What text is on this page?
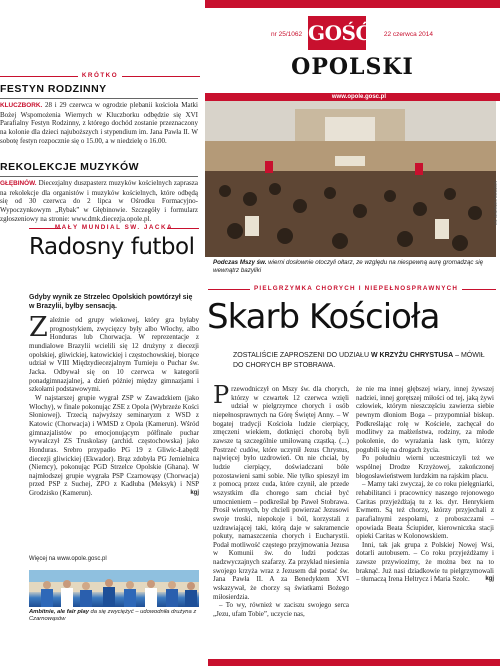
nr 25/1062 GOŚĆ 22 czerwca 2014
OPOLSKI
www.opole.gosc.pl
KRÓTKO
FESTYN RODZINNY
KLUCZBORK. 28 i 29 czerwca w ogrodzie plebanii kościoła Matki Bożej Wspomożenia Wiernych w Kluczborku odbędzie się XVI Parafialny Festyn Rodzinny, z którego dochód zostanie przeznaczony na kolonie dla dzieci najuboższych i stypendium im. Jana Pawła II. W sobotę festyn rozpocznie się o 15.00, a w niedzielę o 16.00.
REKOLEKCJE MUZYKÓW
GŁĘBINÓW. Diecezjalny duszpasterz muzyków kościelnych zaprasza na rekolekcje dla organistów i muzyków kościelnych, które odbędą się od 30 czerwca do 2 lipca w Ośrodku Formacyjno-Wypoczynkowym „Rybak” w Głębinowie. Szczegóły i formularz zgłoszeniowy na stronie: www.dmk.diecezja.opole.pl.
MAŁY MUNDIAL SW. JACKA
Radosny futbol
Gdyby wynik ze Strzelec Opolskich powtórzył się w Brazylii, byłby sensacją.
Zależnie od grupy wiekowej, który gra byłaby prognostykiem, zwycięzcy były albo Włochy, albo Honduras lub Chorwacja. W reprezentacje z mundialowe Brazylii wcielili się 12 drużyny z diecezji opolskiej, gliwickiej, katowickiej i częstochowskiej, biorące udział w VIII Międzydiecezjalnym Turnieju o Puchar św. Jacka. Odbywał się on 10 czerwca w kategorii ponadgimnazjalnej, a dzień później między gimnazjami i szkołami podstawowymi.
W najstarszej grupie wygrał ZSP w Zawadzkiem (jako Włochy), w finale pokonując ZSE z Opola (Wybrzeże Kości Słoniowej). Trzecią najwyższy seminaryzm z WSD z Katowic (Chorwacja) i WMSD z Opola (Kamerun). Wśród gimnazjalistów po emocjonującym półfinale puchar wywalczył ZS Truskolasy (archid. częstochowska) jako Honduras. Srebro przypadło PG 19 z Gliwic-Łabędź diecezji gliwickiej (Ekwador). Brąz zdobyła PG Jemielnica (Niemcy), pokonując PGD Strzelce Opolskie (Ghana). W najmłodszej grupie wygrała PSP Czarnowąsy (Chorwacja) przed PSP z Suchej, ZPO z Kadłuba (Meksyk) i NSP Grodzisko (Kamerun).	kgj
Więcej na www.opole.gosc.pl
Ambitnie, ale fair play da się zwyciężyć – udowodniła drużyna z Czarnowąsów
KS. ANDRZEJ KOCZOŃ
Podczas Mszy św. wierni dosłownie otoczyli ołtarz, ze względu na niespewną aurę gromadząc się wewnątrz bazyliki
PIELGRZYMKA CHORYCH I NIEPEŁNOSPRAWNYCH
Skarb Kościoła
ZOSTALIŚCIE ZAPROSZENI DO UDZIAŁU W KRZYŻU CHRYSTUSA – MÓWIŁ DO CHORYCH BP STOBRAWA.
Przewodniczył on Mszy św. dla chorych, którzy w czwartek 12 czerwca wzięli udział w pielgrzymce chorych i osób niepełnosprawnych na Górę Świętej Anny. – W bogatej tradycji Kościoła ludzie cierpiący, zmęczeni wiekiem, dotknięci chorobą byli zawsze tą szczególnie umiłowaną cząstką. (...) Postrzeć cudów, które uczynił Jezus Chrystus, najwięcej było uzdrowień. On nie chciał, by ludzie cierpiący, doświadczani bóle pozostawieni sami sobie. Nie tylko spieszył im z pomocą przez cuda, które czynił, ale przede wszystkim dla chorego sam chciał być umocnieniem – podkreślał bp Paweł Stobrawa. Prosił wiernych, by chcieli powierzać Jezusowi swoje troski, niepokoje i ból, korzystali z uzdrawiającej taki, którą daje w sakramencie pokuty, namaszczenia chorych i Eucharystii. Podał motliwość częstego przyjmowania Jezusa w Komunii św. do ludzi podczas nadzwyczajnych szafarzy. Za przykład niesienia swojego krzyża wraz z Jezusem dał postać św. Jana Pawła II. A za Benedyktem XVI wskazywał, że chorzy są światkami Bożego miłosierdzia.
– To wy, również w zaciszu swojego serca „Jezu, ufam Tobie”, uczycie nas,
że nie ma innej głębszej wiary, innej żywszej nadziei, innej gorętszej miłości od tej, jaką żywi człowiek, którym nieszczęściu zawierza siebie pewnym dłoniom Boga – przypomniał biskup. Podkreślając rolę w Kościele, zachęcał do modlitwy za małżeństwa, rodziny, za młode pokolenie, do wyrażania łask tym, którzy pogubili się na drogach życia.
Po południu wierni uczestniczyli też we wspólnej Drodze Krzyżowej, zakończonej błogosławieństwem lurdzkim na rajskim placu.
– Mamy taki zwyczaj, że co roku pielęgniarki, rehabilitanci i pracownicy naszego rejonowego Caritas przyjeżdżają tu z ks. dyr. Henrykiem Ewmem. Są też chorzy, którzy przyjechali z parafialnymi zespołami, z proboszczami – opowiada Beata Ściupider, kierowniczka stacji opieki Caritas w Kolonowskiem.
Inni, tak jak grupa z Polskiej Nowej Wsi, dotarli autobusem. – Co roku przyjeżdżamy i zawsze przywiozimy, że można bez na to braknąć. Już nasi dziadkowie tu pielgrzymowali – tłumaczą Irena Heltrycz i Maria Szolc.	kgj
